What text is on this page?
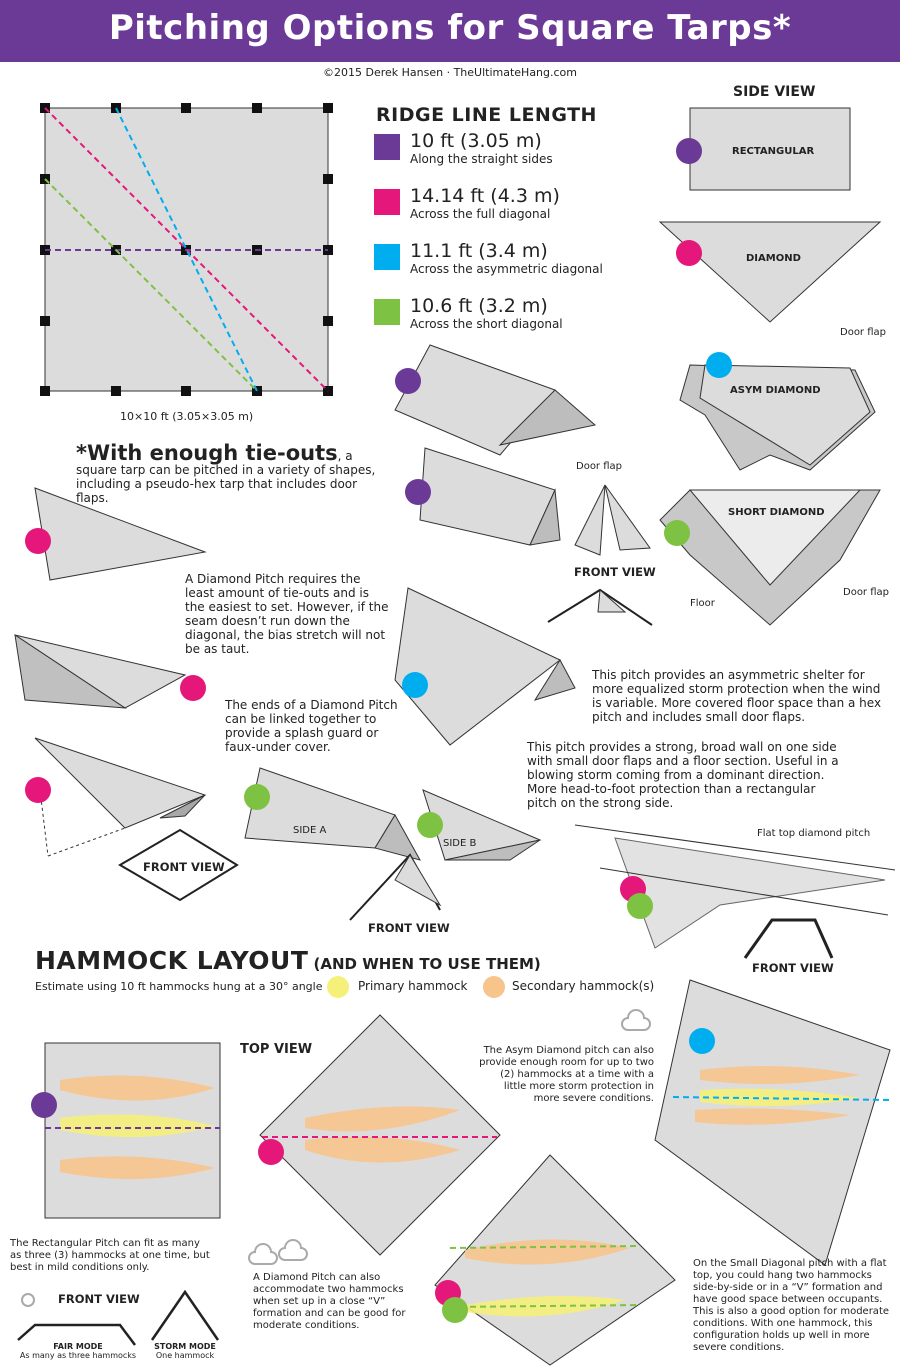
Pitching Options for Square Tarps*
©2015 Derek Hansen · TheUltimateHang.com
10×10 ft (3.05×3.05 m)
RIDGE LINE LENGTH
10 ft (3.05 m)
Along the straight sides
14.14 ft (4.3 m)
Across the full diagonal
11.1 ft (3.4 m)
Across the asymmetric diagonal
10.6 ft (3.2 m)
Across the short diagonal
SIDE VIEW
RECTANGULAR
DIAMOND
ASYM DIAMOND
SHORT DIAMOND
Door flap
Door flap
Door flap
Floor
*With enough tie-outs, a square tarp can be pitched in a variety of shapes, including a pseudo-hex tarp that includes door flaps.
A Diamond Pitch requires the least amount of tie-outs and is the easiest to set. However, if the seam doesn’t run down the diagonal, the bias stretch will not be as taut.
The ends of a Diamond Pitch can be linked together to provide a splash guard or faux-under cover.
This pitch provides an asymmetric shelter for more equalized storm protection when the wind is variable. More covered floor space than a hex pitch and includes small door flaps.
This pitch provides a strong, broad wall on one side with small door flaps and a floor section. Useful in a blowing storm coming from a dominant direction. More head-to-foot protection than a rectangular pitch on the strong side.
Flat top diamond pitch
FRONT VIEW
FRONT VIEW
FRONT VIEW
FRONT VIEW
SIDE A
SIDE B
HAMMOCK LAYOUT (AND WHEN TO USE THEM)
Estimate using 10 ft hammocks hung at a 30° angle	Primary hammock	Secondary hammock(s)
TOP VIEW
The Rectangular Pitch can fit as many as three (3) hammocks at one time, but best in mild conditions only.
A Diamond Pitch can also accommodate two hammocks when set up in a close “V” formation and can be good for moderate conditions.
The Asym Diamond pitch can also provide enough room for up to two (2) hammocks at a time with a little more storm protection in more severe conditions.
On the Small Diagonal pitch with a flat top, you could hang two hammocks side-by-side or in a “V” formation and have good space between occupants. This is also a good option for moderate conditions. With one hammock, this configuration holds up well in more severe conditions.
FRONT VIEW
FAIR MODE
As many as three hammocks
STORM MODE
One hammock
